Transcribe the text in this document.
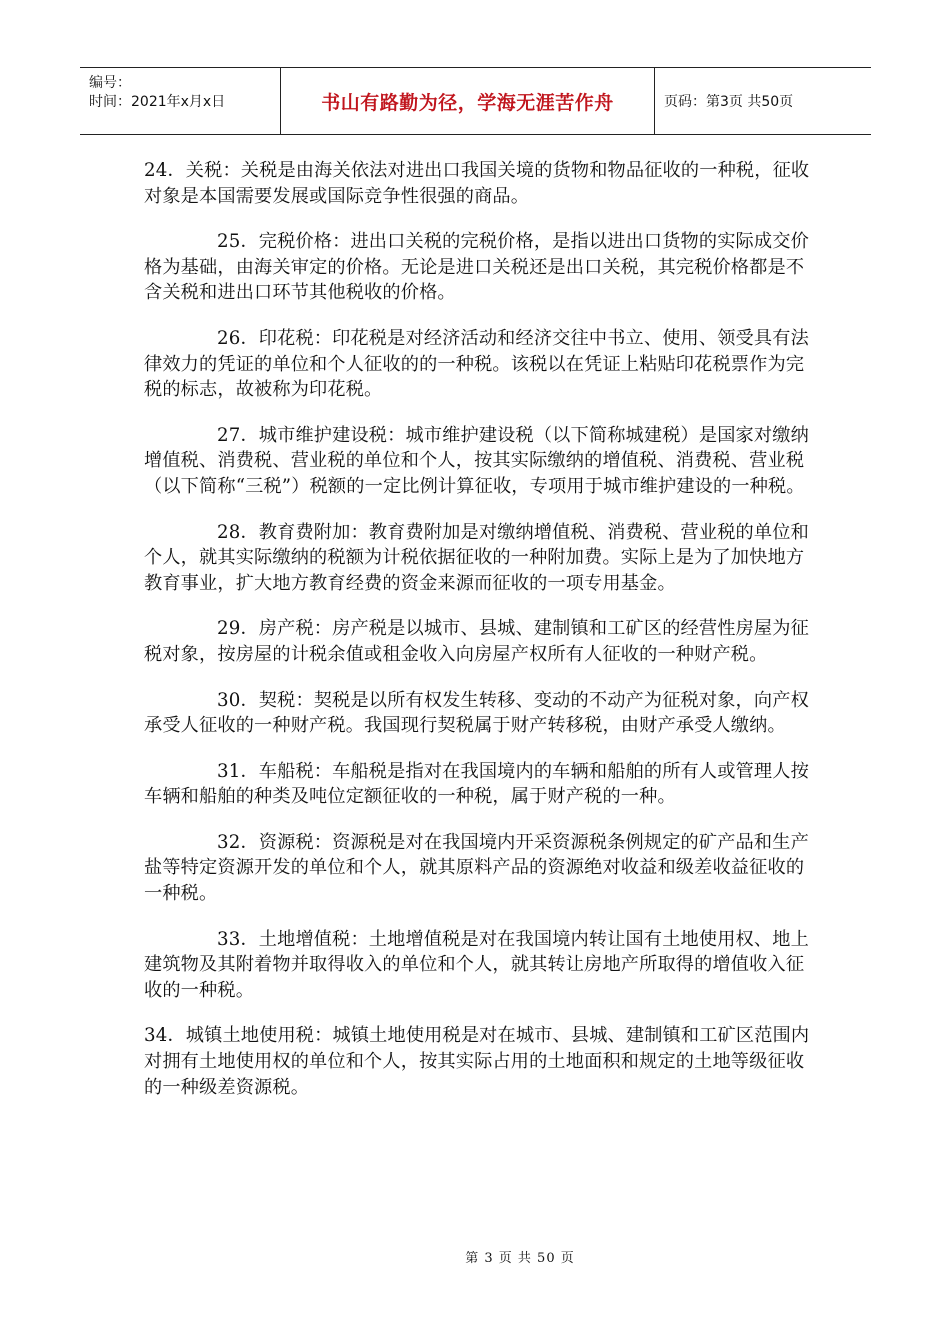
编号：
时间：2021年x月x日	书山有路勤为径，学海无涯苦作舟	页码：第3页 共50页

24．关税：关税是由海关依法对进出口我国关境的货物和物品征收的一种税，征收对象是本国需要发展或国际竞争性很强的商品。

25．完税价格：进出口关税的完税价格，是指以进出口货物的实际成交价格为基础，由海关审定的价格。无论是进口关税还是出口关税，其完税价格都是不含关税和进出口环节其他税收的价格。

26．印花税：印花税是对经济活动和经济交往中书立、使用、领受具有法律效力的凭证的单位和个人征收的的一种税。该税以在凭证上粘贴印花税票作为完税的标志，故被称为印花税。

27．城市维护建设税：城市维护建设税（以下简称城建税）是国家对缴纳增值税、消费税、营业税的单位和个人，按其实际缴纳的增值税、消费税、营业税（以下简称“三税”）税额的一定比例计算征收，专项用于城市维护建设的一种税。

28．教育费附加：教育费附加是对缴纳增值税、消费税、营业税的单位和个人，就其实际缴纳的税额为计税依据征收的一种附加费。实际上是为了加快地方教育事业，扩大地方教育经费的资金来源而征收的一项专用基金。

29．房产税：房产税是以城市、县城、建制镇和工矿区的经营性房屋为征税对象，按房屋的计税余值或租金收入向房屋产权所有人征收的一种财产税。

30．契税：契税是以所有权发生转移、变动的不动产为征税对象，向产权承受人征收的一种财产税。我国现行契税属于财产转移税，由财产承受人缴纳。

31．车船税：车船税是指对在我国境内的车辆和船舶的所有人或管理人按车辆和船舶的种类及吨位定额征收的一种税，属于财产税的一种。

32．资源税：资源税是对在我国境内开采资源税条例规定的矿产品和生产盐等特定资源开发的单位和个人，就其原料产品的资源绝对收益和级差收益征收的一种税。

33．土地增值税：土地增值税是对在我国境内转让国有土地使用权、地上建筑物及其附着物并取得收入的单位和个人，就其转让房地产所取得的增值收入征收的一种税。

34．城镇土地使用税：城镇土地使用税是对在城市、县城、建制镇和工矿区范围内对拥有土地使用权的单位和个人，按其实际占用的土地面积和规定的土地等级征收的一种级差资源税。

第 3 页 共 50 页
